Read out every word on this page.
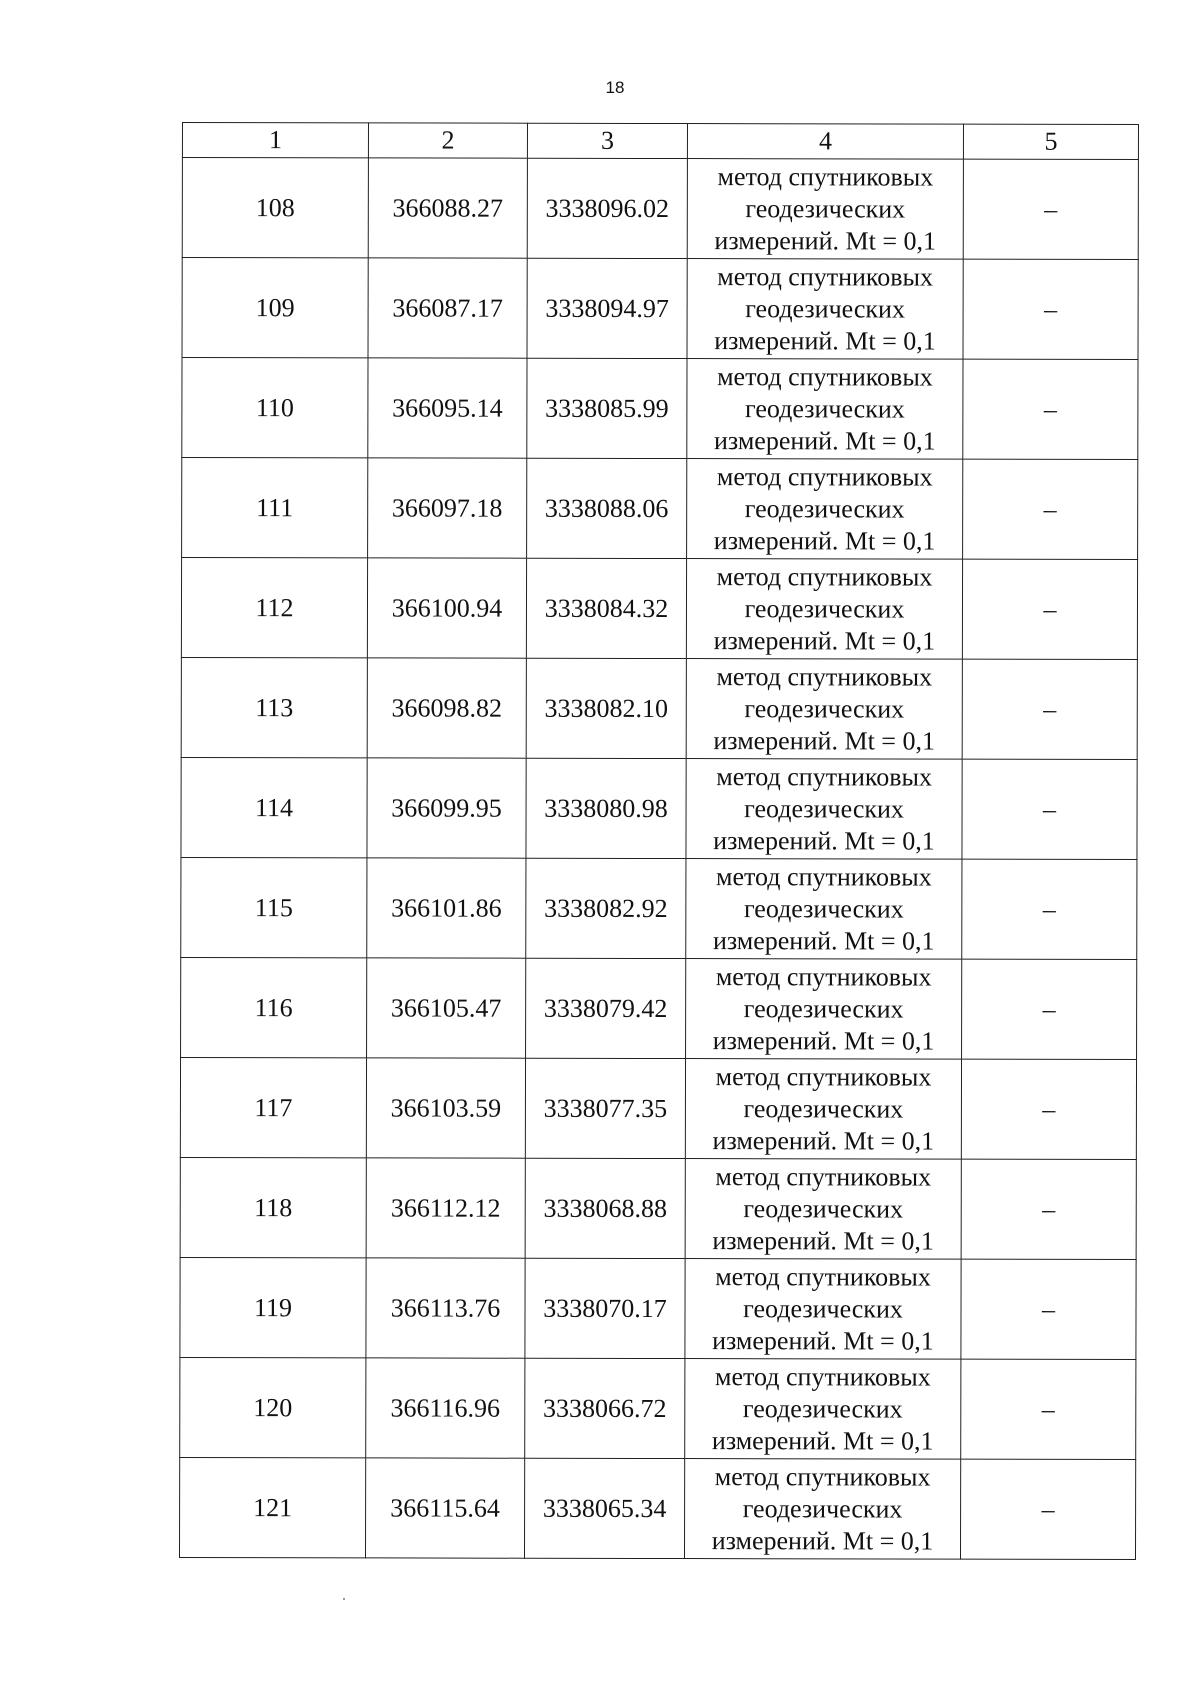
18
1	2	3	4	5
108	366088.27	3338096.02	метод спутниковых
геодезических
измерений. Mt = 0,1	–
109	366087.17	3338094.97	метод спутниковых
геодезических
измерений. Mt = 0,1	–
110	366095.14	3338085.99	метод спутниковых
геодезических
измерений. Mt = 0,1	–
111	366097.18	3338088.06	метод спутниковых
геодезических
измерений. Mt = 0,1	–
112	366100.94	3338084.32	метод спутниковых
геодезических
измерений. Mt = 0,1	–
113	366098.82	3338082.10	метод спутниковых
геодезических
измерений. Mt = 0,1	–
114	366099.95	3338080.98	метод спутниковых
геодезических
измерений. Mt = 0,1	–
115	366101.86	3338082.92	метод спутниковых
геодезических
измерений. Mt = 0,1	–
116	366105.47	3338079.42	метод спутниковых
геодезических
измерений. Mt = 0,1	–
117	366103.59	3338077.35	метод спутниковых
геодезических
измерений. Mt = 0,1	–
118	366112.12	3338068.88	метод спутниковых
геодезических
измерений. Mt = 0,1	–
119	366113.76	3338070.17	метод спутниковых
геодезических
измерений. Mt = 0,1	–
120	366116.96	3338066.72	метод спутниковых
геодезических
измерений. Mt = 0,1	–
121	366115.64	3338065.34	метод спутниковых
геодезических
измерений. Mt = 0,1	–
